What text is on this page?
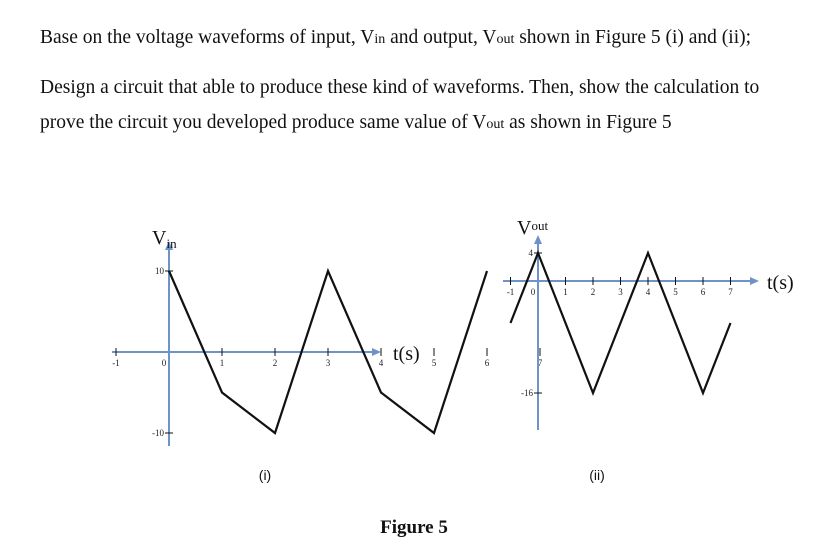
Base on the voltage waveforms of input, Vin and output, Vout shown in Figure 5 (i) and (ii);
Design a circuit that able to produce these kind of waveforms. Then, show the calculation to
prove the circuit you developed produce same value of Vout as shown in Figure 5
Figure 5
-1	0	1	2	3	4	5	6	7
10
-10
$V_{in}$
t(s)
(i)
-1 0	1	2	3	4	5	6	7
4
-16
$V^{out}$
t(s)
(ii)
